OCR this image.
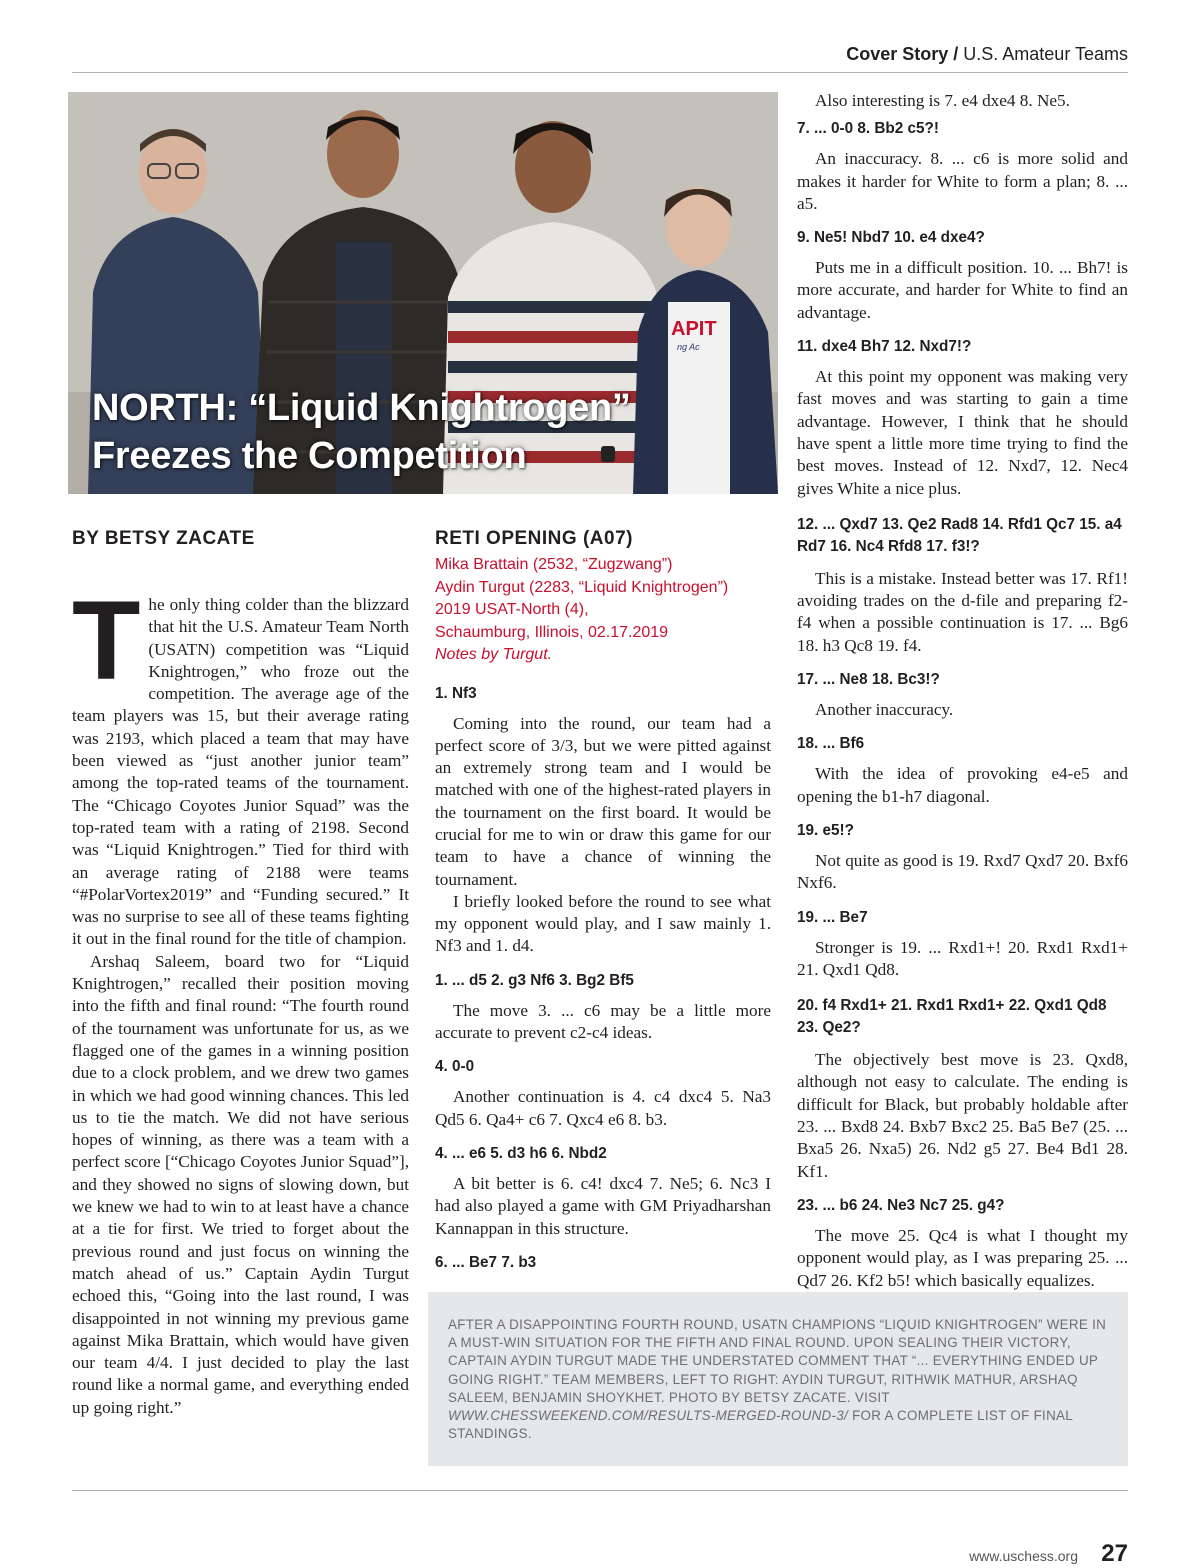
Cover Story / U.S. Amateur Teams
APIT
ng Ac
NORTH: “Liquid Knightrogen”
Freezes the Competition
BY BETSY ZACATE

The only thing colder than the blizzard that hit the U.S. Amateur Team North (USATN) competition was “Liquid Knightrogen,” who froze out the competition. The average age of the team players was 15, but their average rating was 2193, which placed a team that may have been viewed as “just another junior team” among the top-rated teams of the tournament. The “Chicago Coyotes Junior Squad” was the top-rated team with a rating of 2198. Second was “Liquid Knightrogen.” Tied for third with an average rating of 2188 were teams “#PolarVortex2019” and “Funding secured.” It was no surprise to see all of these teams fighting it out in the final round for the title of champion.

Arshaq Saleem, board two for “Liquid Knightrogen,” recalled their position moving into the fifth and final round: “The fourth round of the tournament was unfortunate for us, as we flagged one of the games in a winning position due to a clock problem, and we drew two games in which we had good winning chances. This led us to tie the match. We did not have serious hopes of winning, as there was a team with a perfect score [“Chicago Coyotes Junior Squad”], and they showed no signs of slowing down, but we knew we had to win to at least have a chance at a tie for first. We tried to forget about the previous round and just focus on winning the match ahead of us.” Captain Aydin Turgut echoed this, “Going into the last round, I was disappointed in not winning my previous game against Mika Brattain, which would have given our team 4/4. I just decided to play the last round like a normal game, and everything ended up going right.”

RETI OPENING (A07)
Mika Brattain (2532, “Zugzwang”)
Aydin Turgut (2283, “Liquid Knightrogen”)
2019 USAT-North (4),
Schaumburg, Illinois, 02.17.2019
Notes by Turgut.
1. Nf3

Coming into the round, our team had a perfect score of 3/3, but we were pitted against an extremely strong team and I would be matched with one of the highest-rated players in the tournament on the first board. It would be crucial for me to win or draw this game for our team to have a chance of winning the tournament.

I briefly looked before the round to see what my opponent would play, and I saw mainly 1. Nf3 and 1. d4.

1. ... d5 2. g3 Nf6 3. Bg2 Bf5

The move 3. ... c6 may be a little more accurate to prevent c2-c4 ideas.

4. 0-0

Another continuation is 4. c4 dxc4 5. Na3 Qd5 6. Qa4+ c6 7. Qxc4 e6 8. b3.

4. ... e6 5. d3 h6 6. Nbd2

A bit better is 6. c4! dxc4 7. Ne5; 6. Nc3 I had also played a game with GM Priyadharshan Kannappan in this structure.

6. ... Be7 7. b3

Also interesting is 7. e4 dxe4 8. Ne5.

7. ... 0-0 8. Bb2 c5?!

An inaccuracy. 8. ... c6 is more solid and makes it harder for White to form a plan; 8. ... a5.

9. Ne5! Nbd7 10. e4 dxe4?

Puts me in a difficult position. 10. ... Bh7! is more accurate, and harder for White to find an advantage.

11. dxe4 Bh7 12. Nxd7!?

At this point my opponent was making very fast moves and was starting to gain a time advantage. However, I think that he should have spent a little more time trying to find the best moves. Instead of 12. Nxd7, 12. Nec4 gives White a nice plus.

12. ... Qxd7 13. Qe2 Rad8 14. Rfd1 Qc7 15. a4 Rd7 16. Nc4 Rfd8 17. f3!?

This is a mistake. Instead better was 17. Rf1! avoiding trades on the d-file and preparing f2-f4 when a possible continuation is 17. ... Bg6 18. h3 Qc8 19. f4.

17. ... Ne8 18. Bc3!?

Another inaccuracy.

18. ... Bf6

With the idea of provoking e4-e5 and opening the b1-h7 diagonal.

19. e5!?

Not quite as good is 19. Rxd7 Qxd7 20. Bxf6 Nxf6.

19. ... Be7

Stronger is 19. ... Rxd1+! 20. Rxd1 Rxd1+ 21. Qxd1 Qd8.

20. f4 Rxd1+ 21. Rxd1 Rxd1+ 22. Qxd1 Qd8 23. Qe2?

The objectively best move is 23. Qxd8, although not easy to calculate. The ending is difficult for Black, but probably holdable after 23. ... Bxd8 24. Bxb7 Bxc2 25. Ba5 Be7 (25. ... Bxa5 26. Nxa5) 26. Nd2 g5 27. Be4 Bd1 28. Kf1.

23. ... b6 24. Ne3 Nc7 25. g4?

The move 25. Qc4 is what I thought my opponent would play, as I was preparing 25. ... Qd7 26. Kf2 b5! which basically equalizes.

AFTER A DISAPPOINTING FOURTH ROUND, USATN CHAMPIONS “LIQUID KNIGHTROGEN” WERE IN A MUST-WIN SITUATION FOR THE FIFTH AND FINAL ROUND. UPON SEALING THEIR VICTORY, CAPTAIN AYDIN TURGUT MADE THE UNDERSTATED COMMENT THAT “... EVERYTHING ENDED UP GOING RIGHT.” TEAM MEMBERS, LEFT TO RIGHT: AYDIN TURGUT, RITHWIK MATHUR, ARSHAQ SALEEM, BENJAMIN SHOYKHET. PHOTO BY BETSY ZACATE. VISIT WWW.CHESSWEEKEND.COM/RESULTS-MERGED-ROUND-3/ FOR A COMPLETE LIST OF FINAL STANDINGS.
www.uschess.org 27
